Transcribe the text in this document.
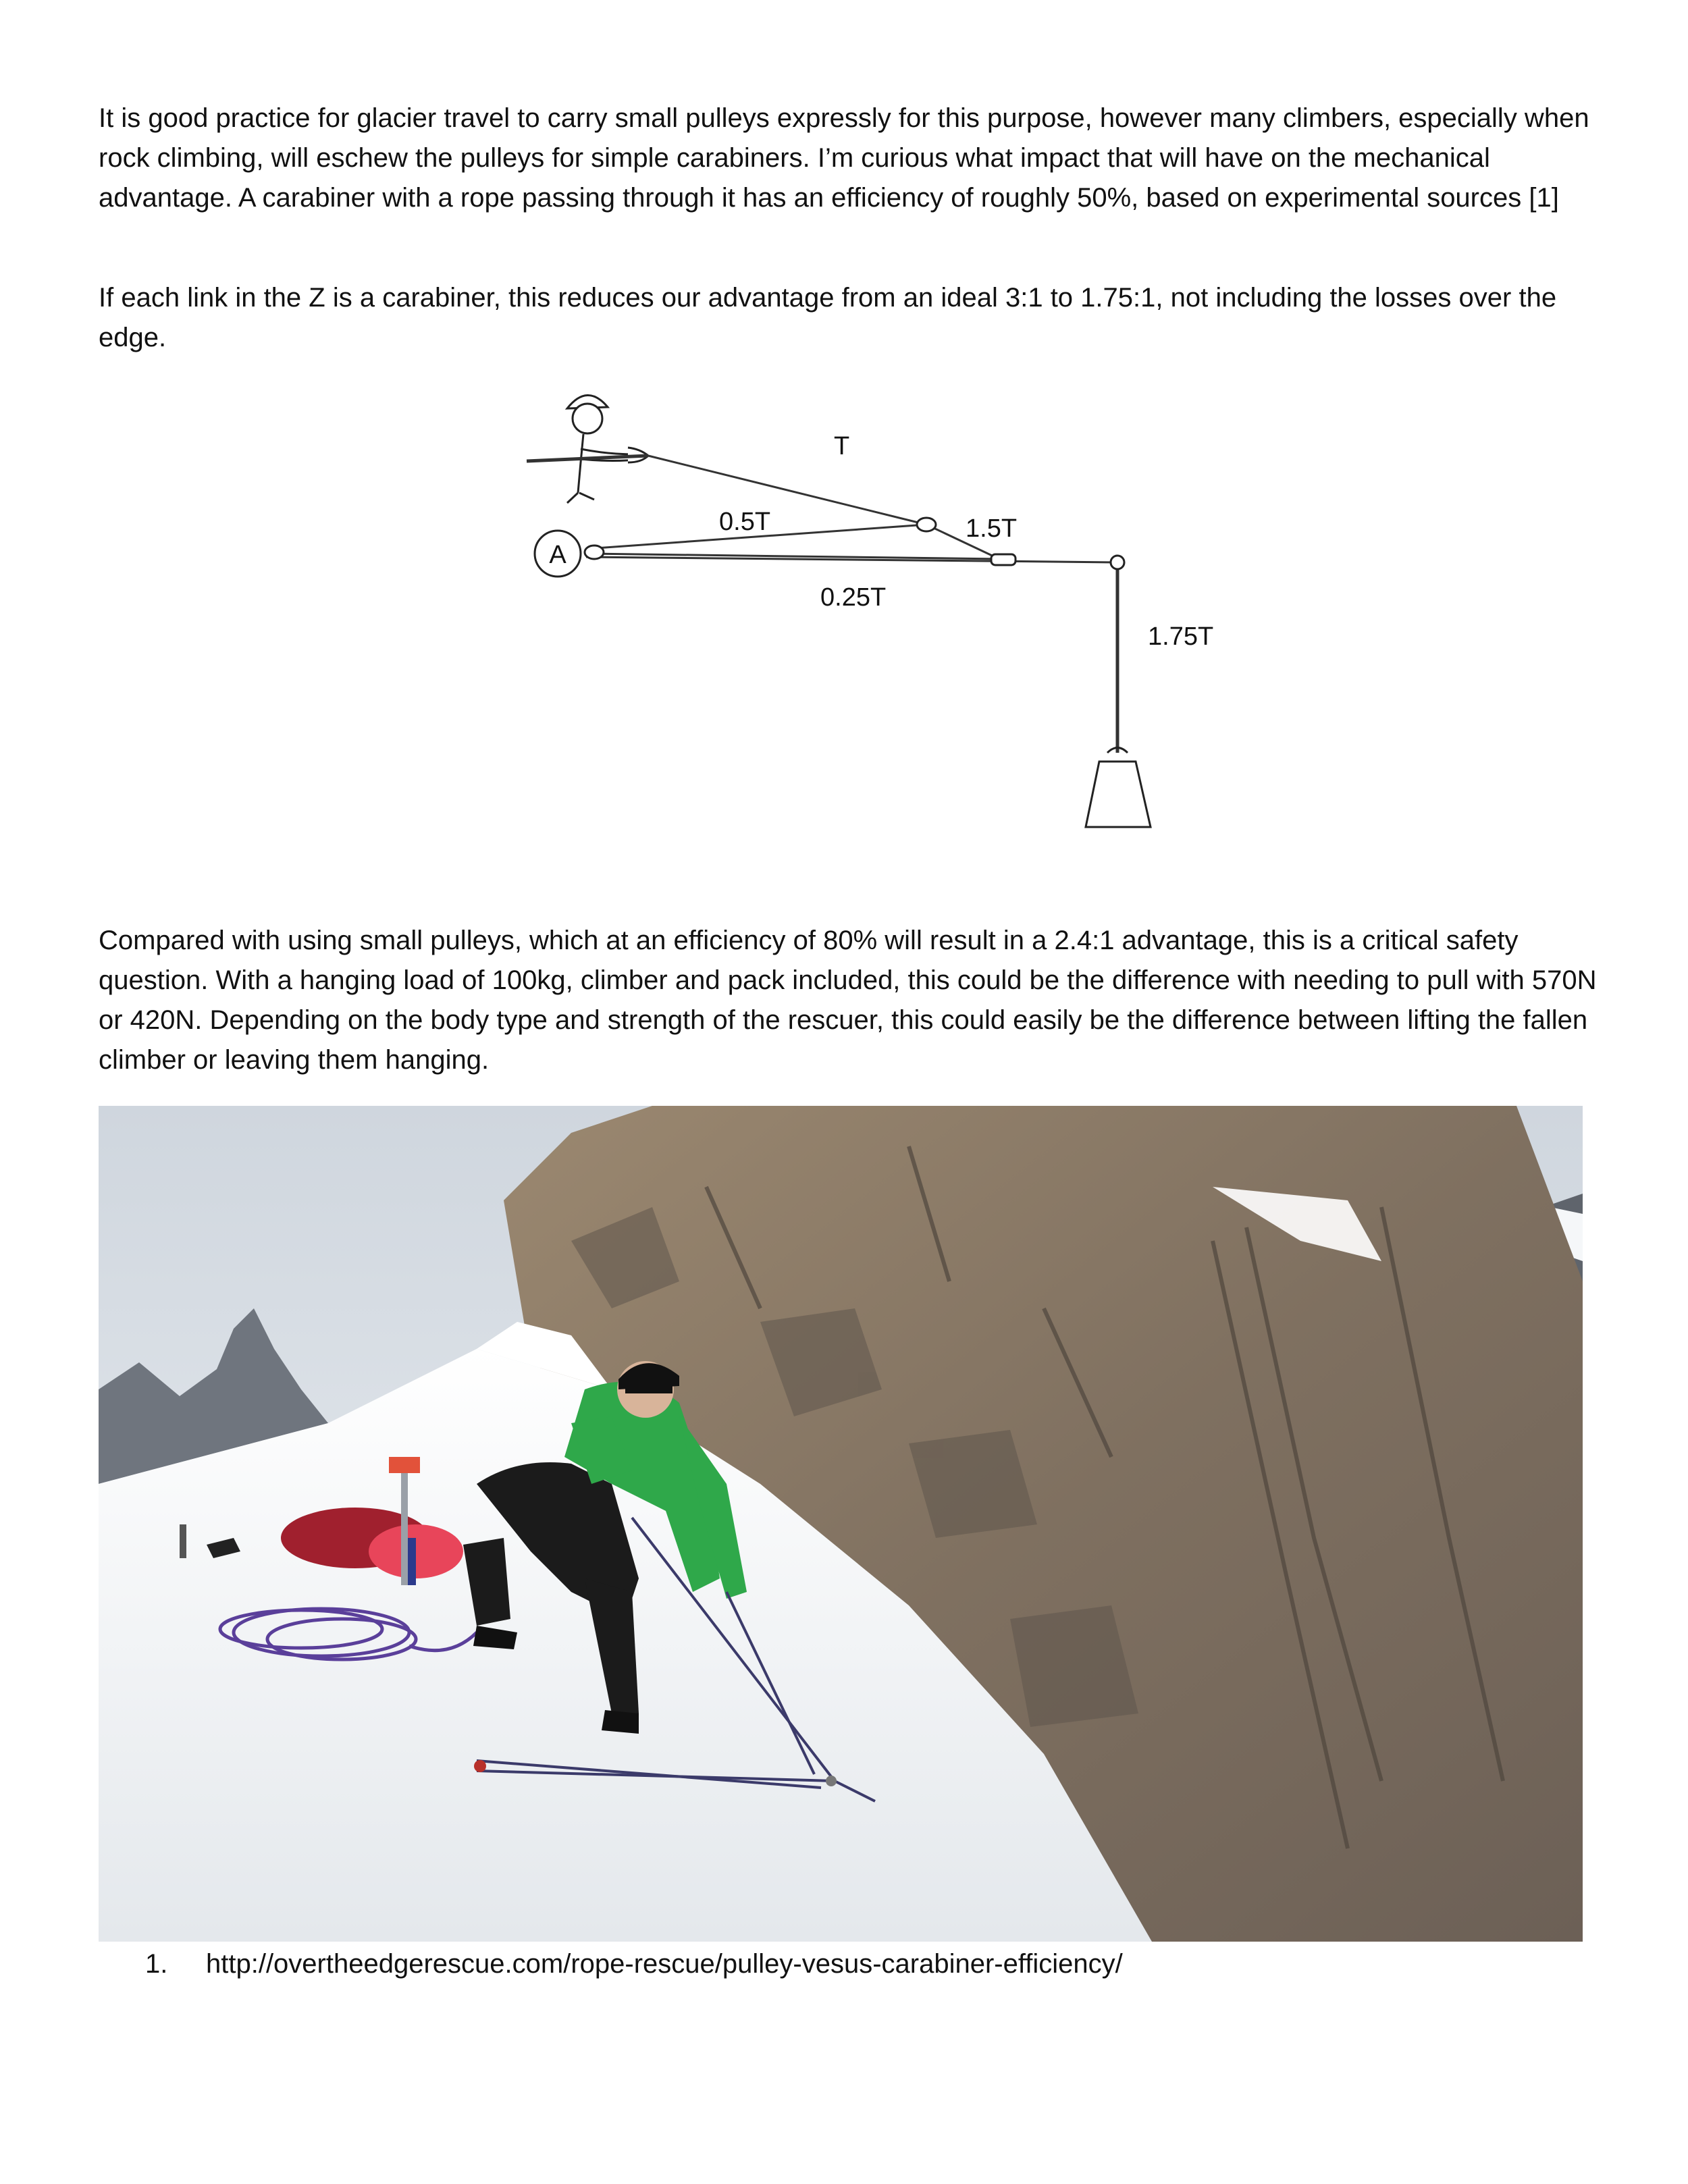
It is good practice for glacier travel to carry small pulleys expressly for this purpose, however many climbers, especially when rock climbing, will eschew the pulleys for simple carabiners. I’m curious what impact that will have on the mechanical advantage. A carabiner with a rope passing through it has an efficiency of roughly 50%, based on experimental sources [1]

If each link in the Z is a carabiner, this reduces our advantage from an ideal 3:1 to 1.75:1, not including the losses over the edge.

A
T
0.5T	1.5T
0.25T
1.75T

Compared with using small pulleys, which at an efficiency of 80% will result in a 2.4:1 advantage, this is a critical safety question. With a hanging load of 100kg, climber and pack included, this could be the difference with needing to pull with 570N or 420N. Depending on the body type and strength of the rescuer, this could easily be the difference between lifting the fallen climber or leaving them hanging.

1.	http://overtheedgerescue.com/rope-rescue/pulley-vesus-carabiner-efficiency/
